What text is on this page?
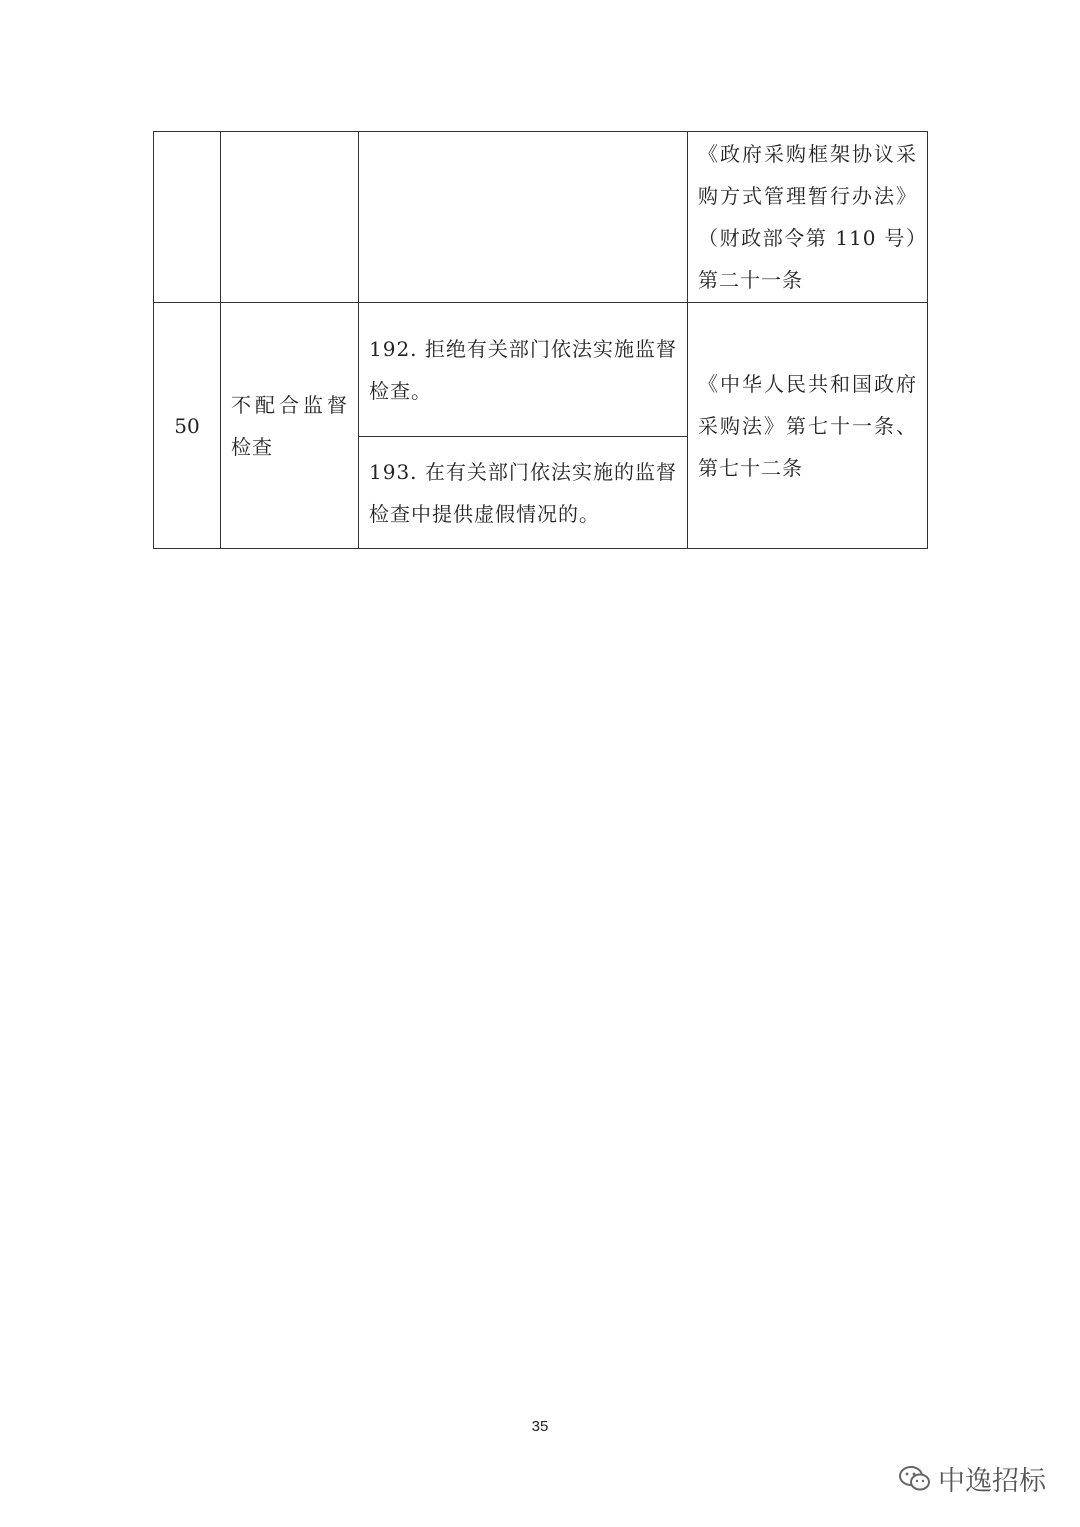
			《政府采购框架协议采购方式管理暂行办法》（财政部令第 110 号）第二十一条

50	不配合监督检查	192. 拒绝有关部门依法实施监督检查。	《中华人民共和国政府采购法》第七十一条、第七十二条

		193. 在有关部门依法实施的监督检查中提供虚假情况的。	
35
中逸招标
